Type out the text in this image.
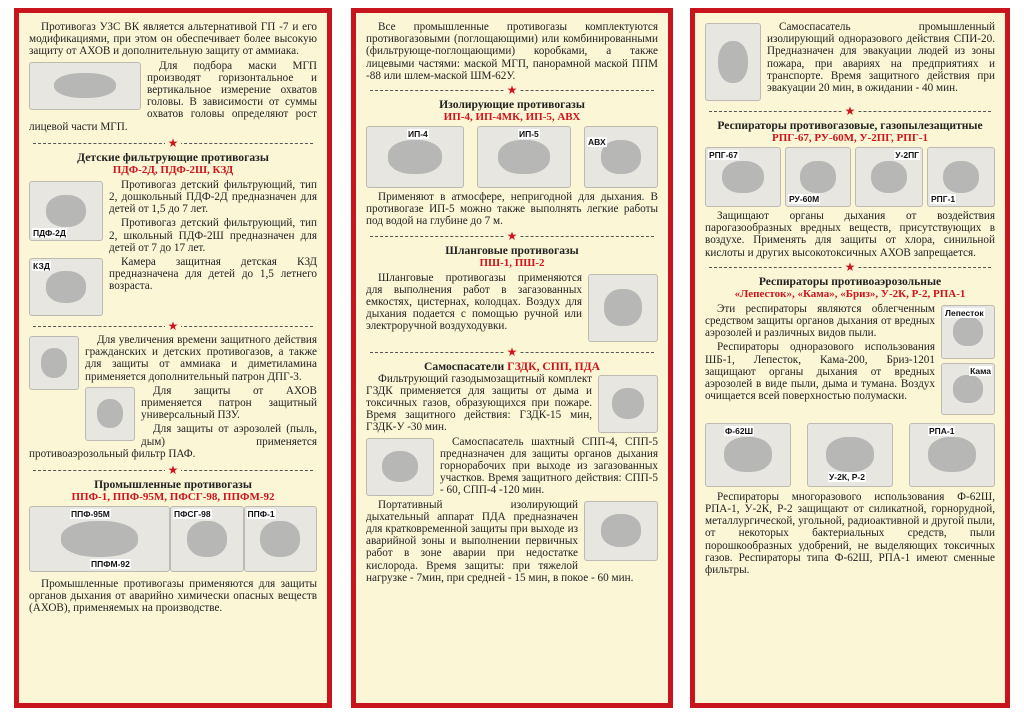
Противогаз УЗС ВК является альтернативой ГП -7 и его модификациями, при этом он обеспечивает более высокую защиту от АХОВ и дополнительную защиту от аммиака.

Для подбора маски МГП производят горизонтальное и вертикальное измерение охватов головы. В зависимости от суммы охватов головы определяют рост лицевой части МГП.

★
Детские фильтрующие противогазы
ПДФ-2Д, ПДФ-2Ш, КЗД
ПДФ-2Д

Противогаз детский фильтрующий, тип 2, дошкольный ПДФ-2Д предназначен для детей от 1,5 до 7 лет.

Противогаз детский фильтрующий, тип 2, школьный ПДФ-2Ш предназначен для детей от 7 до 17 лет.

КЗД	Камера защитная детская КЗД предназначена для детей до 1,5 летнего возраста.

★

Для увеличения времени защитного действия гражданских и детских противогазов, а также для защиты от аммиака и диметиламина применяется дополнительный патрон ДПГ-3.

Для защиты от АХОВ применяется патрон защитный универсальный ПЗУ.

Для защиты от аэрозолей (пыль, дым) применяется противоаэрозольный фильтр ПАФ.

★
Промышленные противогазы
ППФ-1, ППФ-95М, ПФСГ-98, ППФМ-92
ППФ-95М
ППФМ-92
ПФСГ-98	ППФ-1

Промышленные противогазы применяются для защиты органов дыхания от аварийно химически опасных веществ (АХОВ), применяемых на производстве.

Все промышленные противогазы комплектуются противогазовыми (поглощающими) или комбинированными (фильтрующе-поглощающими) коробками, а также лицевыми частями: маской МГП, панорамной маской ППМ -88 или шлем-маской ШМ-62У.

★
Изолирующие противогазы
ИП-4, ИП-4МК, ИП-5, АВХ
ИП-4	ИП-5
АВХ

Применяют в атмосфере, непригодной для дыхания. В противогазе ИП-5 можно также выполнять легкие работы под водой на глубине до 7 м.

★
Шланговые противогазы
ПШ-1, ПШ-2

Шланговые противогазы применяются для выполнения работ в загазованных емкостях, цистернах, колодцах. Воздух для дыхания подается с помощью ручной или электроручной воздуходувки.

★
Самоспасатели ГЗДК, СПП, ПДА

Фильтрующий газодымозащитный комплект ГЗДК применяется для защиты от дыма и токсичных газов, образующихся при пожаре. Время защитного действия: ГЗДК-15 мин, ГЗДК-У -30 мин.

Самоспасатель шахтный СПП-4, СПП-5 предназначен для защиты органов дыхания горнорабочих при выходе из загазованных участков. Время защитного действия: СПП-5 - 60, СПП-4 -120 мин.

Портативный изолирующий дыхательный аппарат ПДА предназначен для кратковременной защиты при выходе из аварийной зоны и выполнении первичных работ в зоне аварии при недостатке кислорода. Время защиты: при тяжелой нагрузке - 7мин, при средней - 15 мин, в покое - 60 мин.

Самоспасатель промышленный изолирующий одноразового действия СПИ-20. Предназначен для эвакуации людей из зоны пожара, при авариях на предприятиях и транспорте. Время защитного действия при эвакуации 20 мин, в ожидании - 40 мин.

★
Респираторы противогазовые, газопылезащитные
РПГ-67, РУ-60М, У-2ПГ, РПГ-1
РПГ-67
РУ-60М
У-2ПГ
РПГ-1

Защищают органы дыхания от воздействия парогазообразных вредных веществ, присутствующих в воздухе. Применять для защиты от хлора, синильной кислоты и других высокотоксичных АХОВ запрещается.

★
Респираторы противоаэрозольные
«Лепесток», «Кама», «Бриз», У-2К, Р-2, РПА-1
Лепесток

Эти респираторы являются облегченным средством защиты органов дыхания от вредных аэрозолей и различных видов пыли.

Кама

Респираторы одноразового использования ШБ-1, Лепесток, Кама-200, Бриз-1201 защищают органы дыхания от вредных аэрозолей в виде пыли, дыма и тумана. Воздух очищается всей поверхностью полумаски.

Ф-62Ш
У-2К, Р-2
РПА-1

Респираторы многоразового использования Ф-62Ш, РПА-1, У-2К, Р-2 защищают от силикатной, горнорудной, металлургической, угольной, радиоактивной и другой пыли, от некоторых бактериальных средств, пыли порошкообразных удобрений, не выделяющих токсичных газов. Респираторы типа Ф-62Ш, РПА-1 имеют сменные фильтры.
